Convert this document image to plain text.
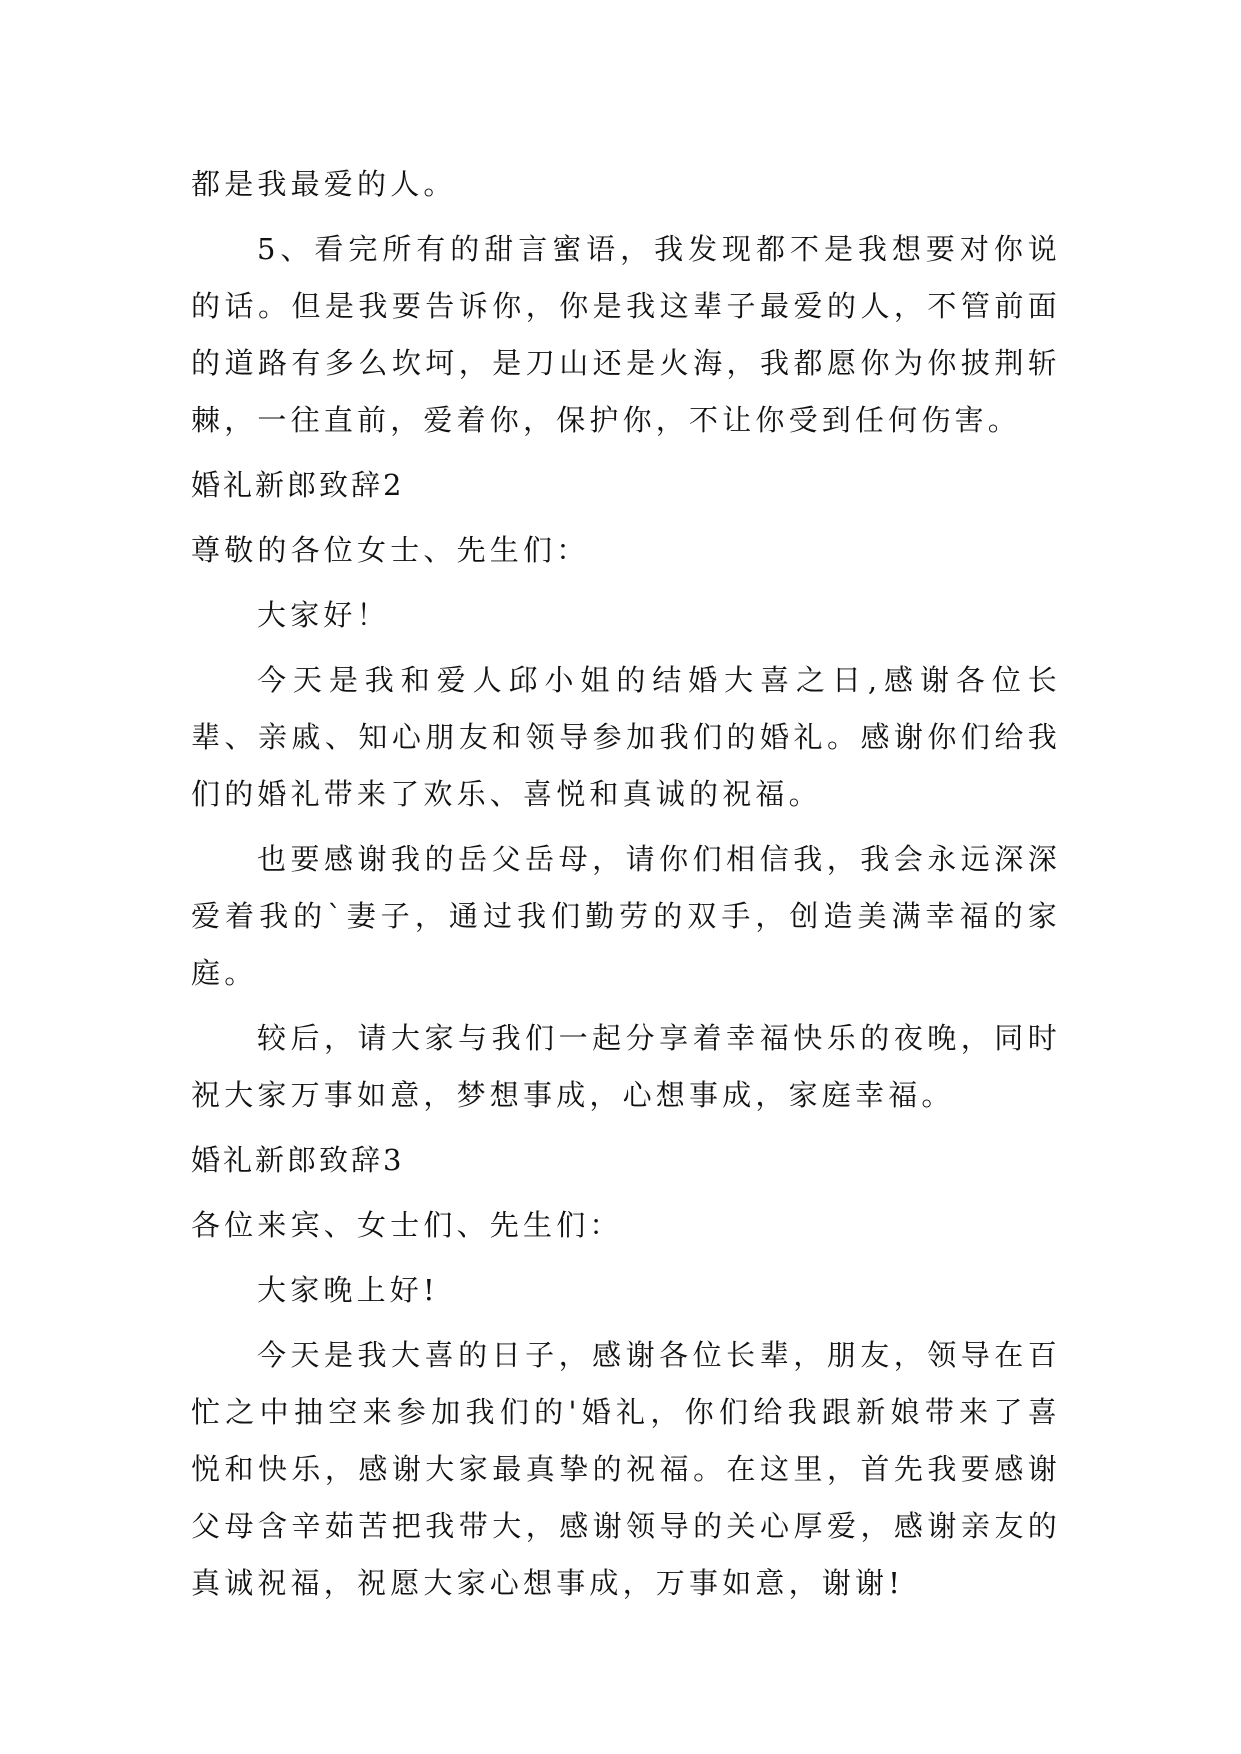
都是我最爱的人。

5、看完所有的甜言蜜语，我发现都不是我想要对你说的话。但是我要告诉你，你是我这辈子最爱的人，不管前面的道路有多么坎坷，是刀山还是火海，我都愿你为你披荆斩棘，一往直前，爱着你，保护你，不让你受到任何伤害。

婚礼新郎致辞2

尊敬的各位女士、先生们：

大家好！

今天是我和爱人邱小姐的结婚大喜之日,感谢各位长辈、亲戚、知心朋友和领导参加我们的婚礼。感谢你们给我们的婚礼带来了欢乐、喜悦和真诚的祝福。

也要感谢我的岳父岳母，请你们相信我，我会永远深深爱着我的`妻子，通过我们勤劳的双手，创造美满幸福的家庭。

较后，请大家与我们一起分享着幸福快乐的夜晚，同时祝大家万事如意，梦想事成，心想事成，家庭幸福。

婚礼新郎致辞3

各位来宾、女士们、先生们：

大家晚上好!

今天是我大喜的日子，感谢各位长辈，朋友，领导在百忙之中抽空来参加我们的'婚礼，你们给我跟新娘带来了喜悦和快乐，感谢大家最真挚的祝福。在这里，首先我要感谢父母含辛茹苦把我带大，感谢领导的关心厚爱，感谢亲友的真诚祝福，祝愿大家心想事成，万事如意，谢谢!
